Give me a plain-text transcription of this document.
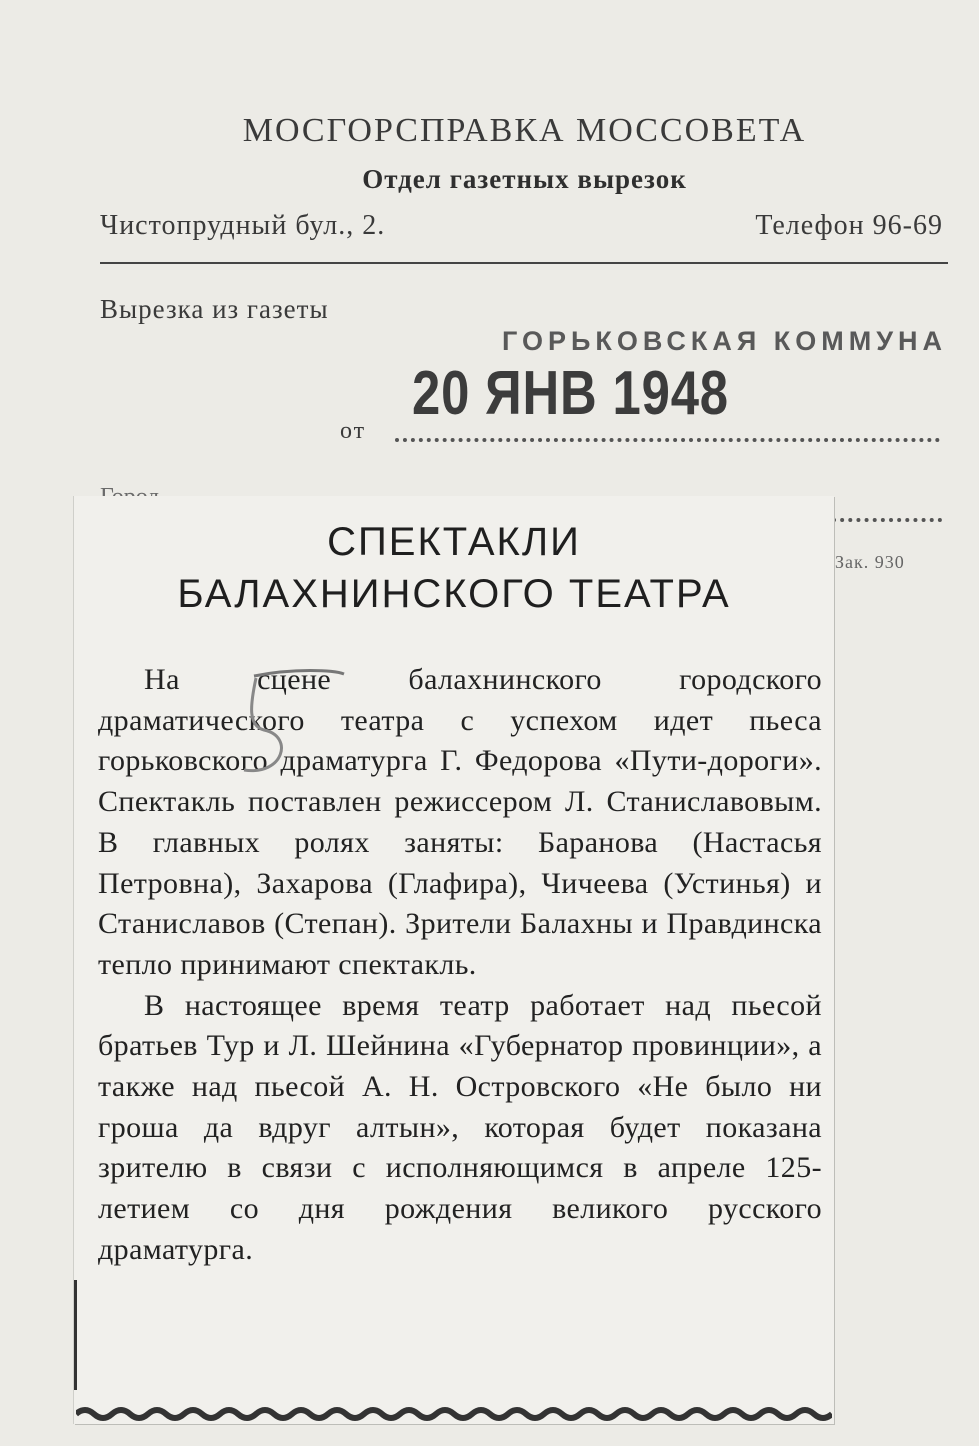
МОСГОРСПРАВКА МОССОВЕТА
Отдел газетных вырезок
Чистопрудный бул., 2.	Телефон 96-69
Вырезка из газеты
ГОРЬКОВСКАЯ КОММУНА
20 ЯНВ 1948
от
Зак. 930
СПЕКТАКЛИ
БАЛАХНИНСКОГО ТЕАТРА

На сцене балахнинского городского драматического театра с успехом идет пьеса горьковского драматурга Г. Федорова «Пути-дороги». Спектакль поставлен режиссером Л. Станиславовым. В главных ролях заняты: Баранова (Настасья Петровна), Захарова (Глафира), Чичеева (Устинья) и Станиславов (Степан). Зрители Балахны и Правдинска тепло принимают спектакль.

В настоящее время театр работает над пьесой братьев Тур и Л. Шейнина «Губернатор провинции», а также над пьесой А. Н. Островского «Не было ни гроша да вдруг алтын», которая будет показана зрителю в связи с исполняющимся в апреле 125-летием со дня рождения великого русского драматурга.
